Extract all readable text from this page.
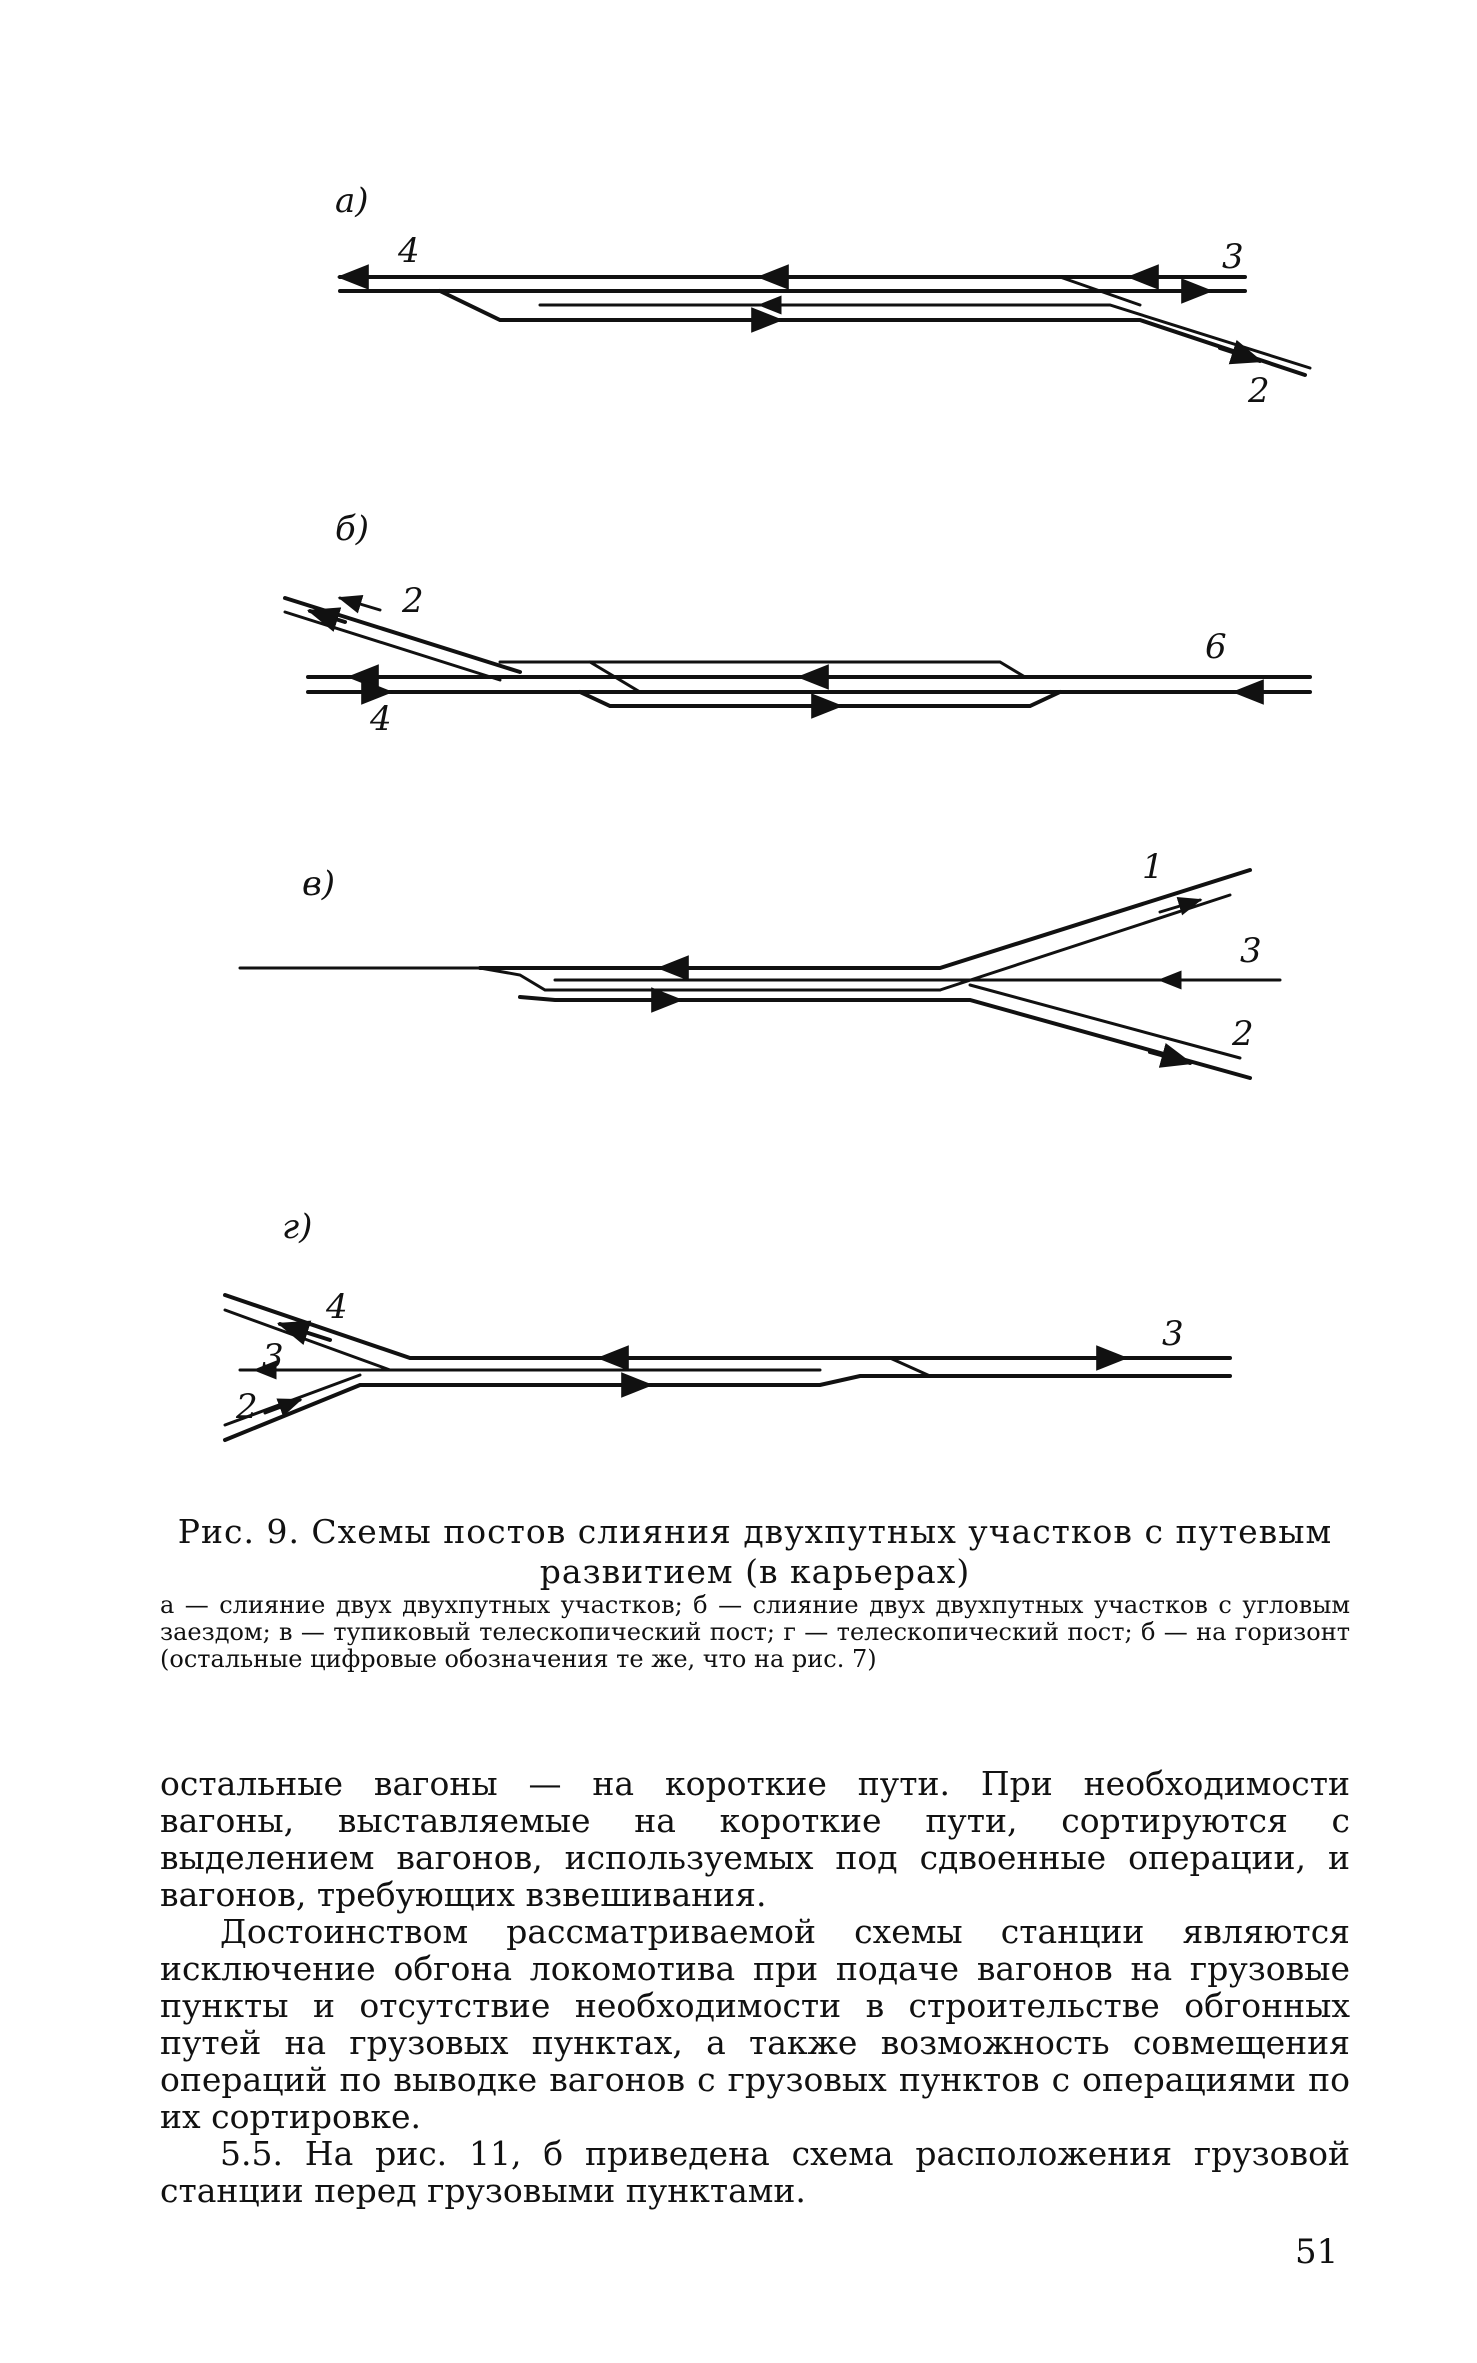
а)
4	3
2
б)
2
6
4
в)	1
3
2
г)
4
3
2
3
Рис. 9. Схемы постов слияния двухпутных участков с путевым развитием (в карьерах)
а — слияние двух двухпутных участков; б — слияние двух двухпутных участков с угловым заездом; в — тупиковый телескопический пост; г — телескопический пост; б — на горизонт (остальные цифровые обозначения те же, что на рис. 7)

остальные вагоны — на короткие пути. При необходимости вагоны, выставляемые на короткие пути, сортируются с выделением вагонов, используемых под сдвоенные операции, и вагонов, требующих взвешивания.

Достоинством рассматриваемой схемы станции являются исключение обгона локомотива при подаче вагонов на грузовые пункты и отсутствие необходимости в строительстве обгонных путей на грузовых пунктах, а также возможность совмещения операций по выводке вагонов с грузовых пунктов с операциями по их сортировке.

5.5. На рис. 11, б приведена схема расположения грузовой станции перед грузовыми пунктами.

51
